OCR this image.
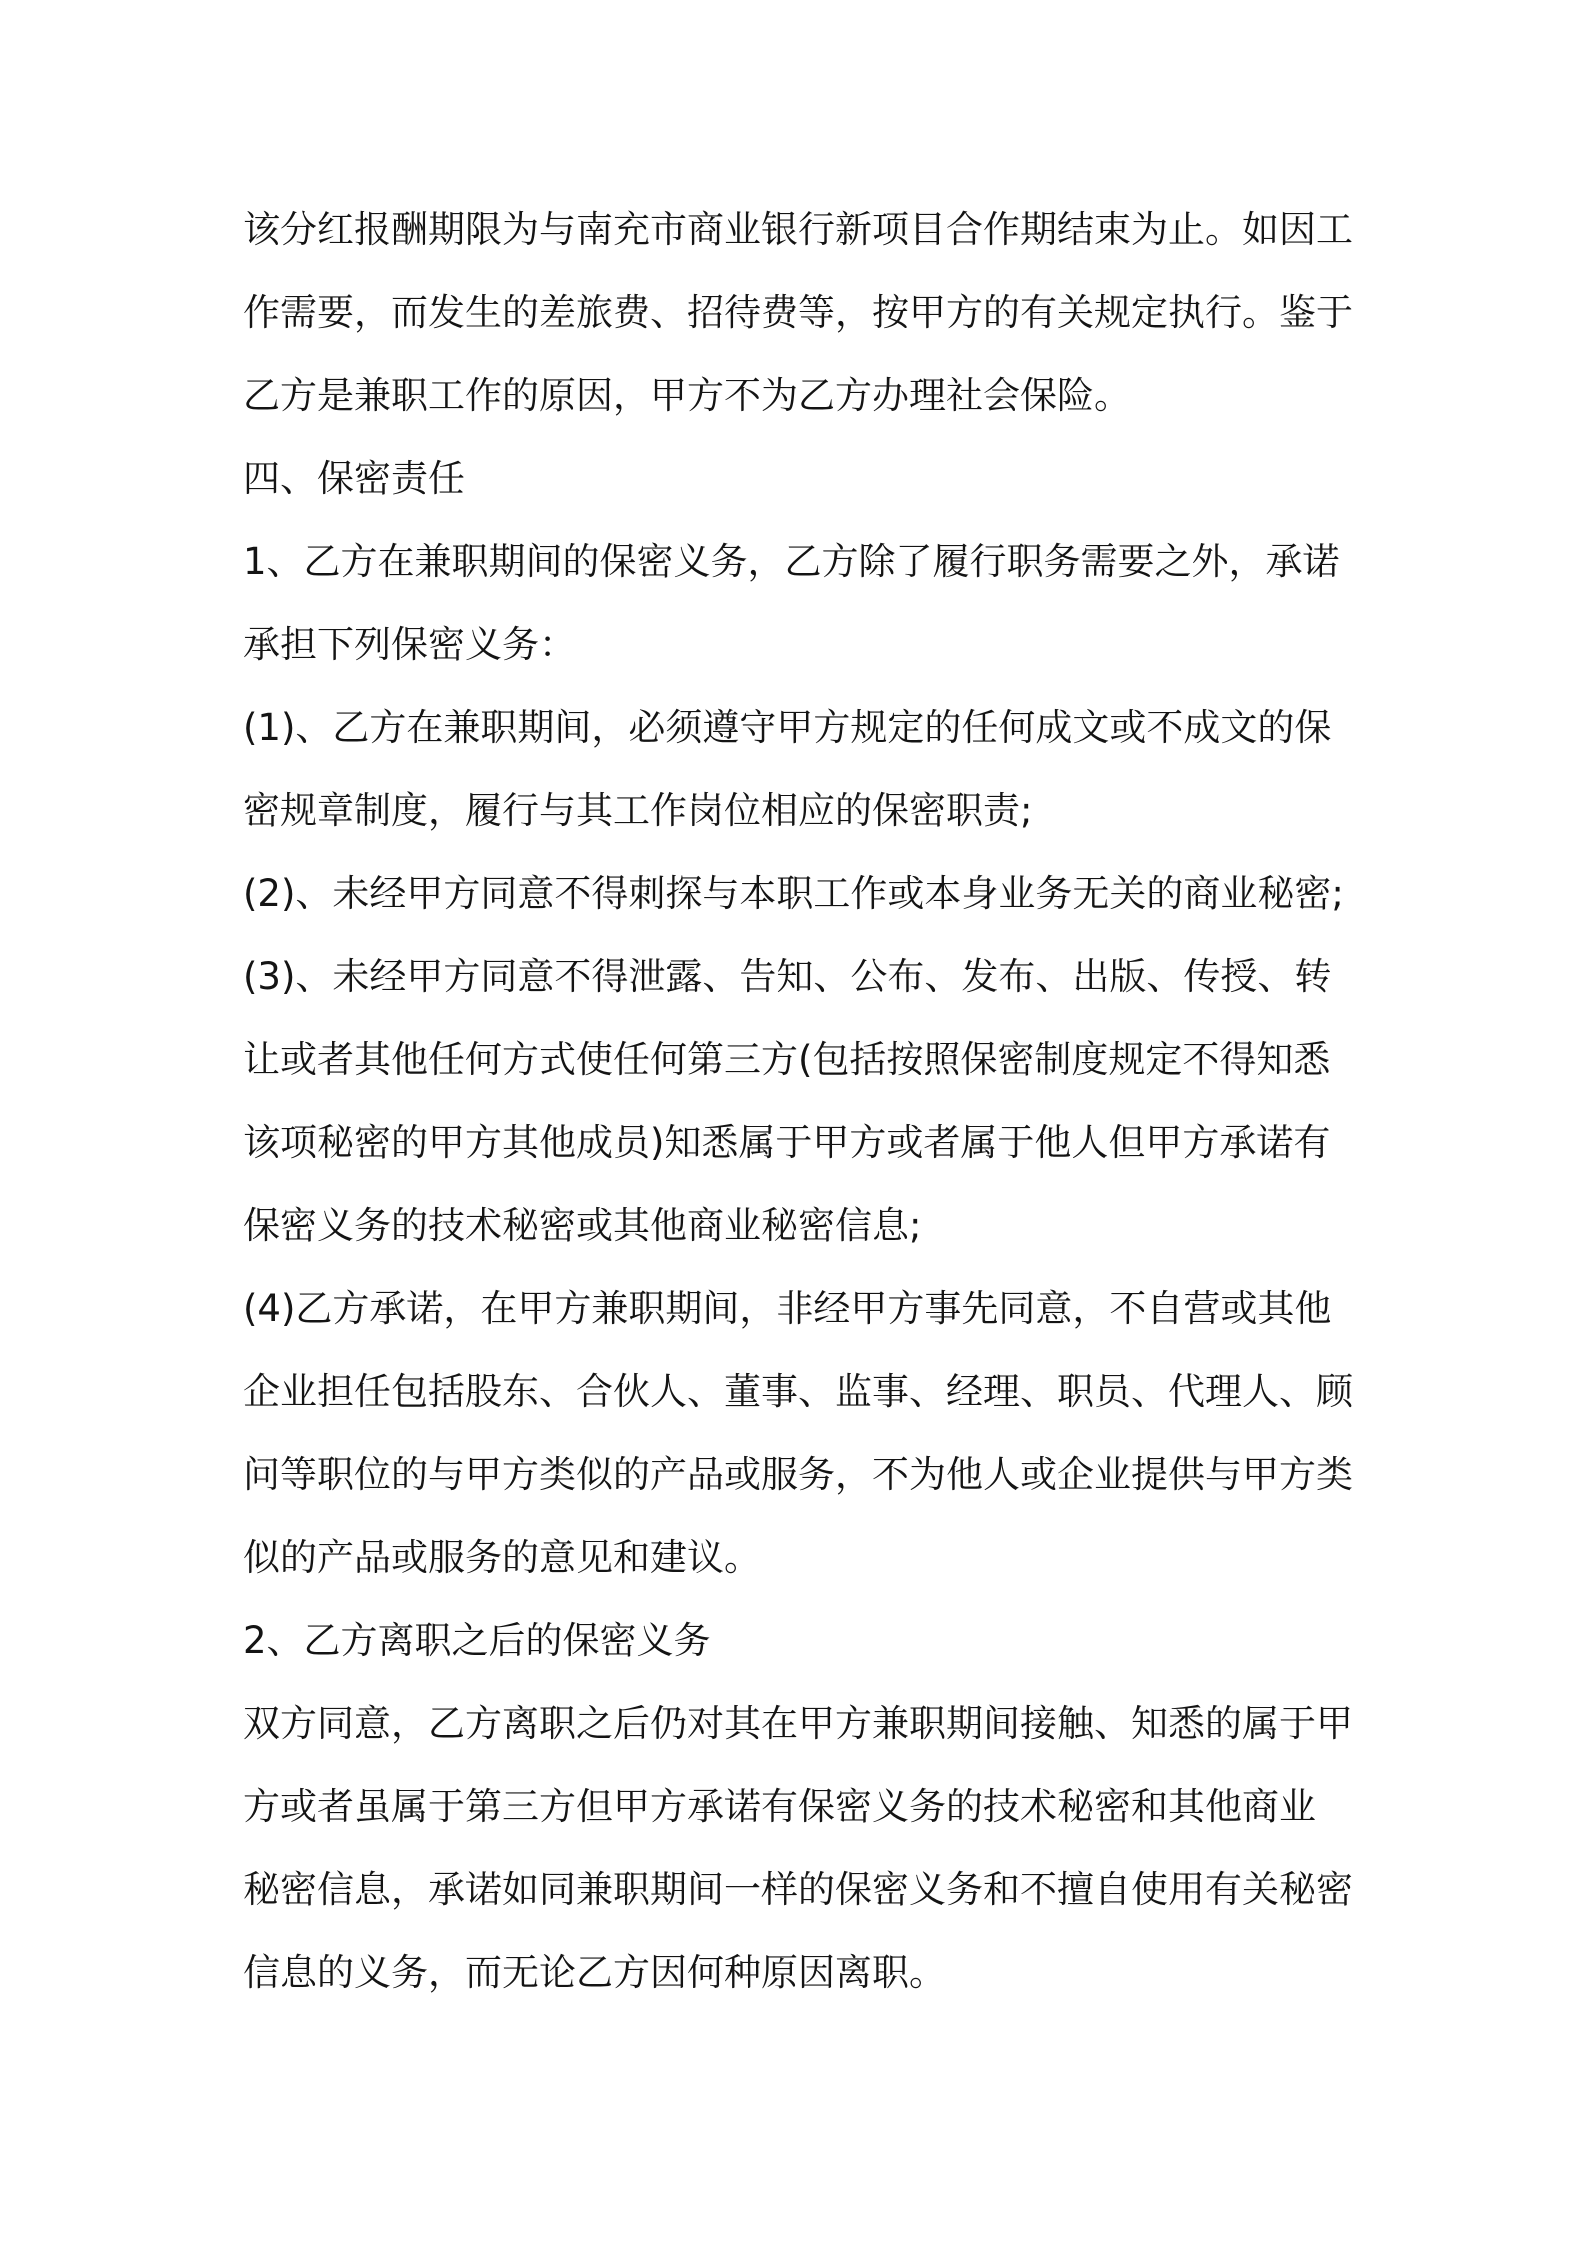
该分红报酬期限为与南充市商业银行新项目合作期结束为止。如因工

作需要，而发生的差旅费、招待费等，按甲方的有关规定执行。鉴于

乙方是兼职工作的原因，甲方不为乙方办理社会保险。

四、保密责任

1、乙方在兼职期间的保密义务，乙方除了履行职务需要之外，承诺

承担下列保密义务：

(1)、乙方在兼职期间，必须遵守甲方规定的任何成文或不成文的保

密规章制度，履行与其工作岗位相应的保密职责;

(2)、未经甲方同意不得刺探与本职工作或本身业务无关的商业秘密;

(3)、未经甲方同意不得泄露、告知、公布、发布、出版、传授、转

让或者其他任何方式使任何第三方(包括按照保密制度规定不得知悉

该项秘密的甲方其他成员)知悉属于甲方或者属于他人但甲方承诺有

保密义务的技术秘密或其他商业秘密信息;

(4)乙方承诺，在甲方兼职期间，非经甲方事先同意，不自营或其他

企业担任包括股东、合伙人、董事、监事、经理、职员、代理人、顾

问等职位的与甲方类似的产品或服务，不为他人或企业提供与甲方类

似的产品或服务的意见和建议。

2、乙方离职之后的保密义务

双方同意，乙方离职之后仍对其在甲方兼职期间接触、知悉的属于甲

方或者虽属于第三方但甲方承诺有保密义务的技术秘密和其他商业

秘密信息，承诺如同兼职期间一样的保密义务和不擅自使用有关秘密

信息的义务，而无论乙方因何种原因离职。
